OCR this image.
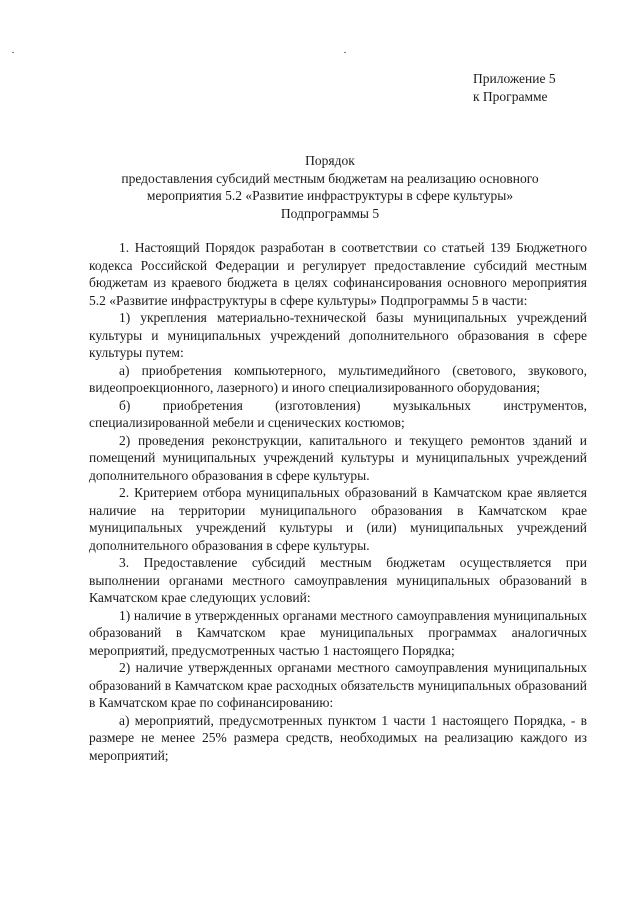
Приложение 5
к Программе
Порядок
предоставления субсидий местным бюджетам на реализацию основного
мероприятия 5.2 «Развитие инфраструктуры в сфере культуры»
Подпрограммы 5

1. Настоящий Порядок разработан в соответствии со статьей 139 Бюджетного кодекса Российской Федерации и регулирует предоставление субсидий местным бюджетам из краевого бюджета в целях софинансирования основного мероприятия 5.2 «Развитие инфраструктуры в сфере культуры» Подпрограммы 5 в части:

1) укрепления материально-технической базы муниципальных учреждений культуры и муниципальных учреждений дополнительного образования в сфере культуры путем:

а) приобретения компьютерного, мультимедийного (светового, звукового, видеопроекционного, лазерного) и иного специализированного оборудования;

б) приобретения (изготовления) музыкальных инструментов, специализированной мебели и сценических костюмов;

2) проведения реконструкции, капитального и текущего ремонтов зданий и помещений муниципальных учреждений культуры и муниципальных учреждений дополнительного образования в сфере культуры.

2. Критерием отбора муниципальных образований в Камчатском крае является наличие на территории муниципального образования в Камчатском крае муниципальных учреждений культуры и (или) муниципальных учреждений дополнительного образования в сфере культуры.

3. Предоставление субсидий местным бюджетам осуществляется при выполнении органами местного самоуправления муниципальных образований в Камчатском крае следующих условий:

1) наличие в утвержденных органами местного самоуправления муниципальных образований в Камчатском крае муниципальных программах аналогичных мероприятий, предусмотренных частью 1 настоящего Порядка;

2) наличие утвержденных органами местного самоуправления муниципальных образований в Камчатском крае расходных обязательств муниципальных образований в Камчатском крае по софинансированию:

а) мероприятий, предусмотренных пунктом 1 части 1 настоящего Порядка, - в размере не менее 25% размера средств, необходимых на реализацию каждого из мероприятий;
